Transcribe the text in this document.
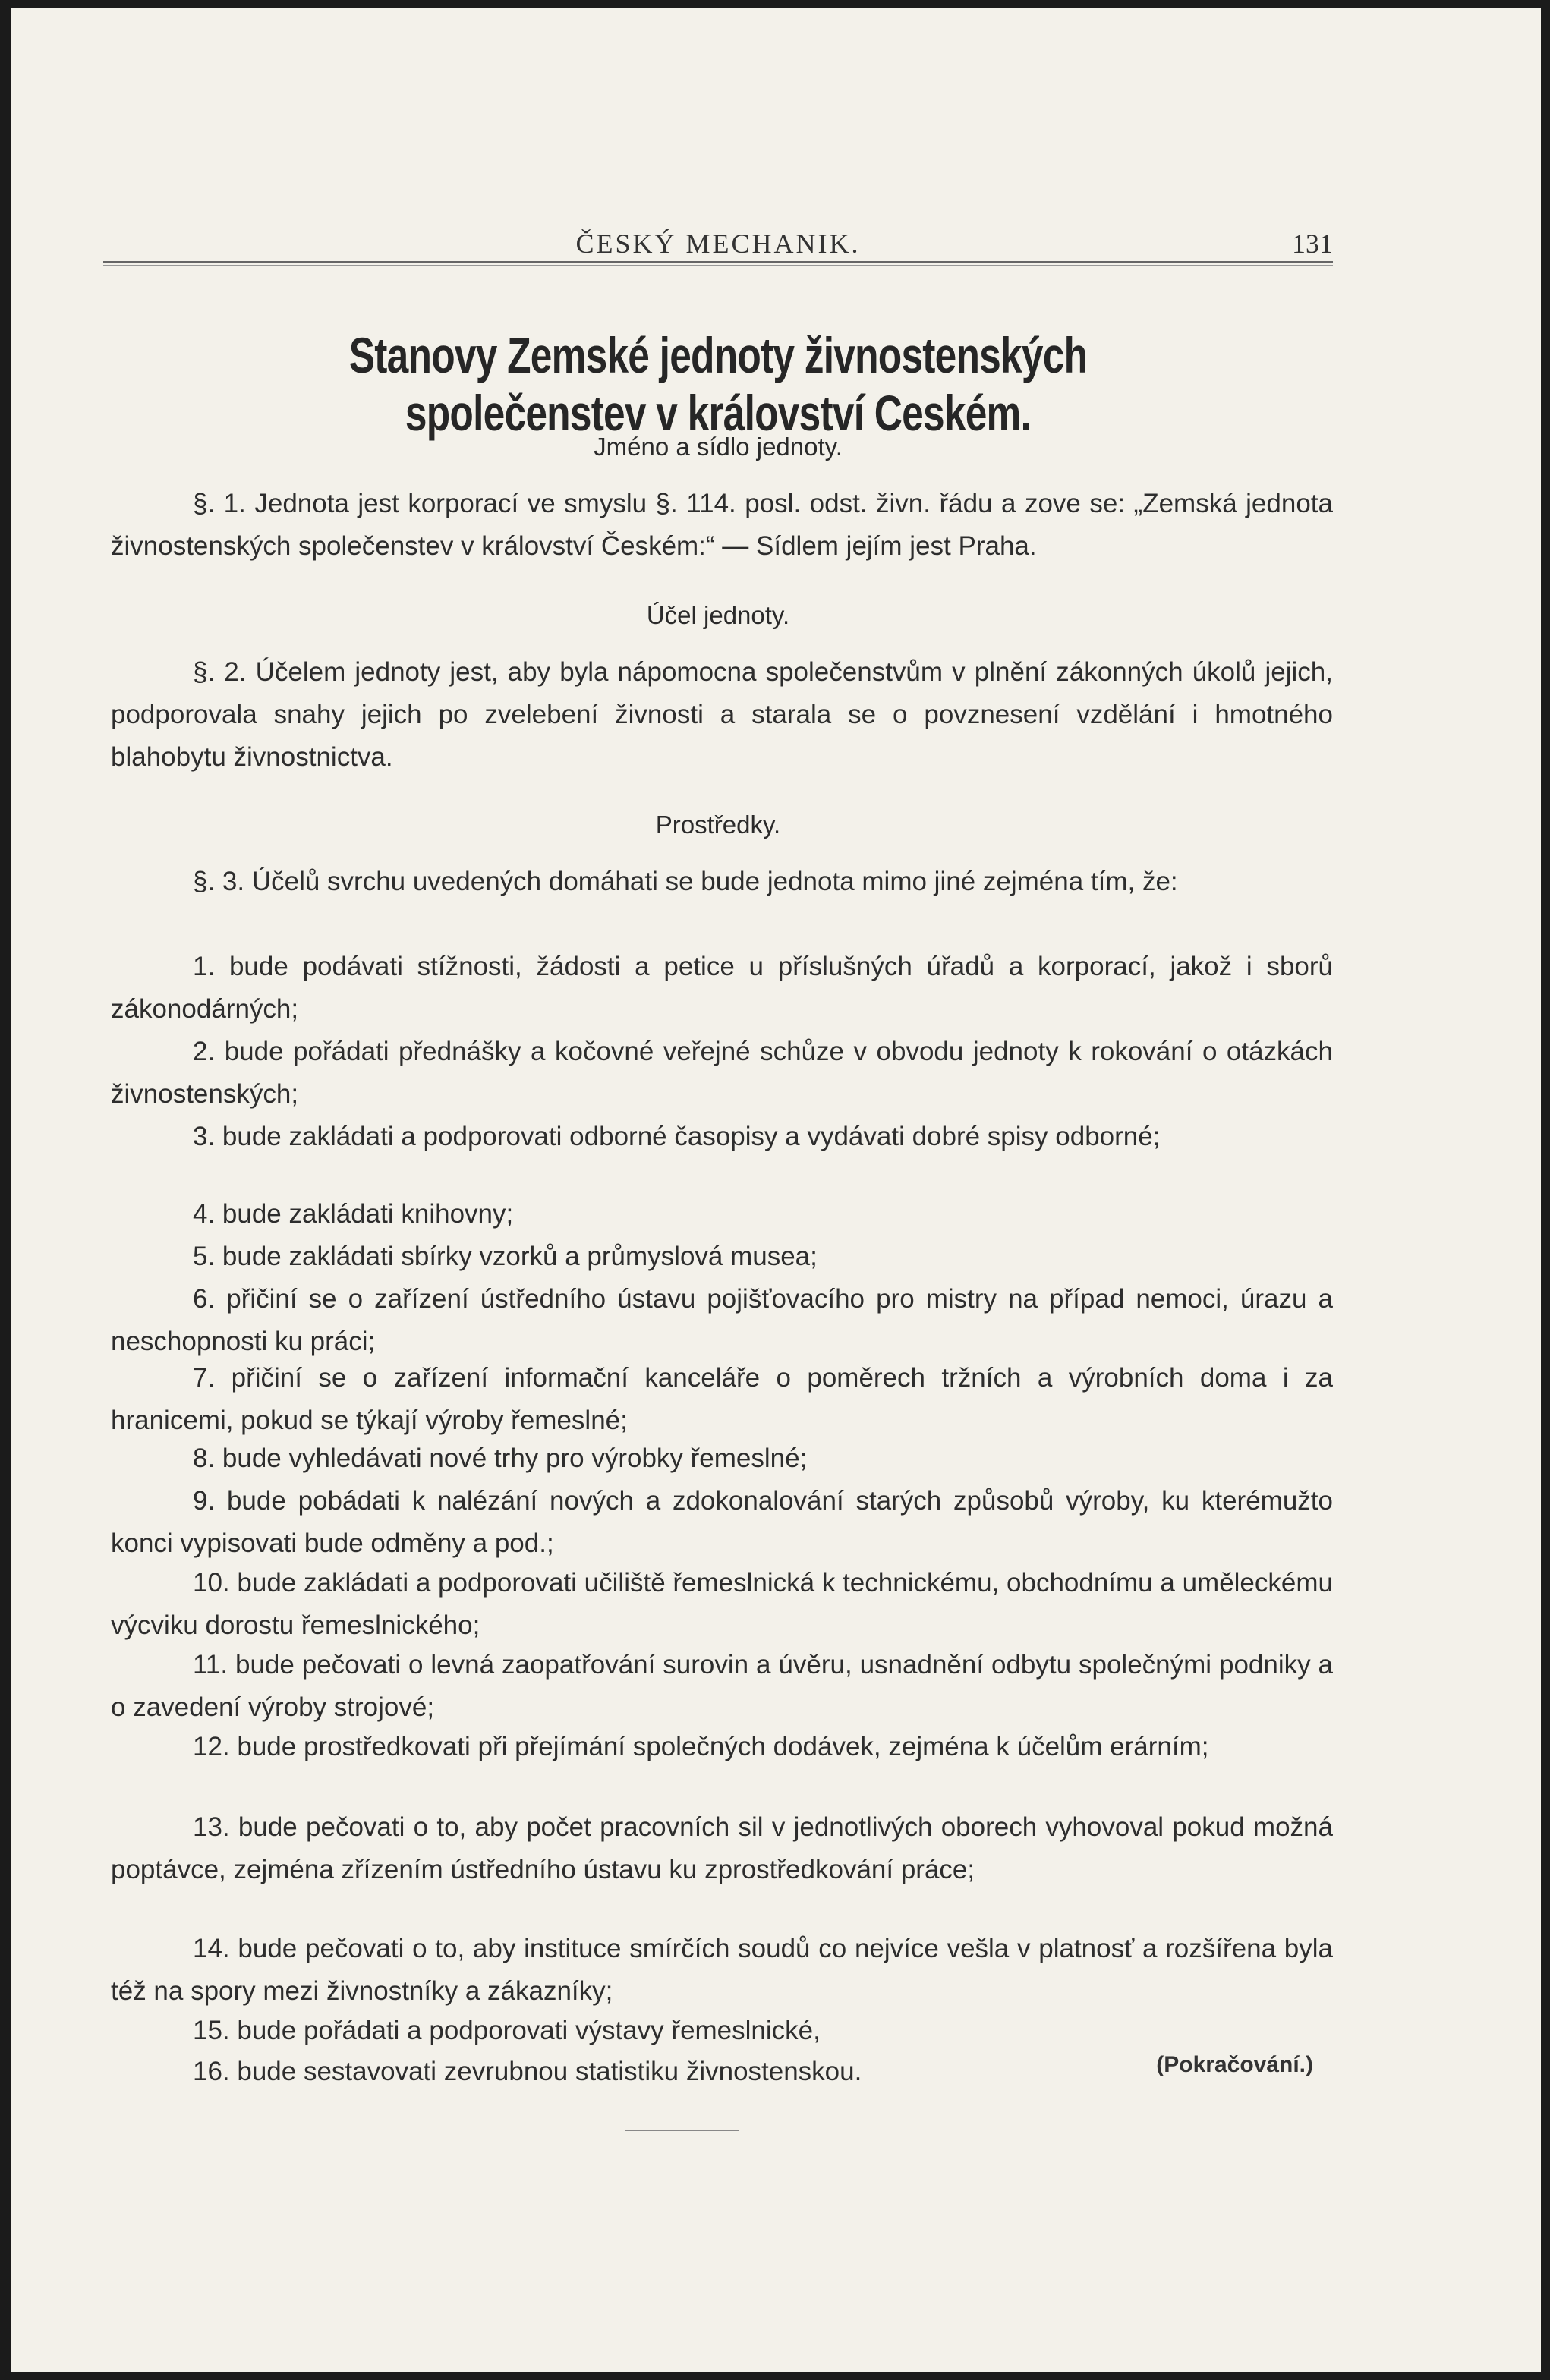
ČESKÝ MECHANIK.	131
Stanovy Zemské jednoty živnostenských společenstev v království Ceském.
Jméno a sídlo jednoty.

§. 1. Jednota jest korporací ve smyslu §. 114. posl. odst. živn. řádu a zove se: „Zemská jednota živnostenských společenstev v království Českém:“ — Sídlem jejím jest Praha.

Účel jednoty.

§. 2. Účelem jednoty jest, aby byla nápomocna společenstvům v plnění zákonných úkolů jejich, podporovala snahy jejich po zvelebení živnosti a starala se o povznesení vzdělání i hmotného blahobytu živnostnictva.

Prostředky.

§. 3. Účelů svrchu uvedených domáhati se bude jednota mimo jiné zejména tím, že:

1. bude podávati stížnosti, žádosti a petice u příslušných úřadů a korporací, jakož i sborů zákonodárných;

2. bude pořádati přednášky a kočovné veřejné schůze v obvodu jednoty k rokování o otázkách živnostenských;

3. bude zakládati a podporovati odborné časopisy a vydávati dobré spisy odborné;

4. bude zakládati knihovny;

5. bude zakládati sbírky vzorků a průmyslová musea;

6. přičiní se o zařízení ústředního ústavu pojišťovacího pro mistry na případ nemoci, úrazu a neschopnosti ku práci;

7. přičiní se o zařízení informační kanceláře o poměrech tržních a výrobních doma i za hranicemi, pokud se týkají výroby řemeslné;

8. bude vyhledávati nové trhy pro výrobky řemeslné;

9. bude pobádati k nalézání nových a zdokonalování starých způsobů výroby, ku kterémužto konci vypisovati bude odměny a pod.;

10. bude zakládati a podporovati učiliště řemeslnická k technickému, obchodnímu a uměleckému výcviku dorostu řemeslnického;

11. bude pečovati o levná zaopatřování surovin a úvěru, usnadnění odbytu společnými podniky a o zavedení výroby strojové;

12. bude prostředkovati při přejímání společných dodávek, zejména k účelům erárním;

13. bude pečovati o to, aby počet pracovních sil v jednotlivých oborech vyhovoval pokud možná poptávce, zejména zřízením ústředního ústavu ku zprostředkování práce;

14. bude pečovati o to, aby instituce smírčích soudů co nejvíce vešla v platnosť a rozšířena byla též na spory mezi živnostníky a zákazníky;

15. bude pořádati a podporovati výstavy řemeslnické,

16. bude sestavovati zevrubnou statistiku živnostenskou.	(Pokračování.)
